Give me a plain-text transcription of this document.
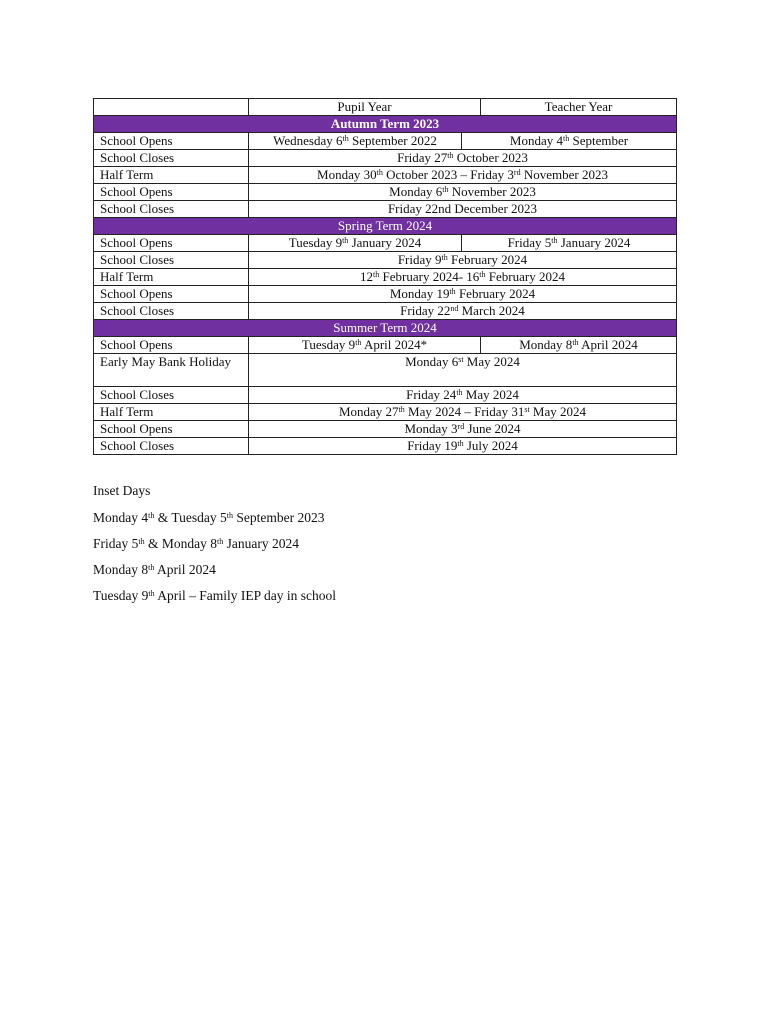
	Pupil Year		Teacher Year
Autumn Term 2023			
School Opens	Wednesday 6th September 2022	Monday 4th September	
School Closes	Friday 27th October 2023		
Half Term	Monday 30th October 2023 – Friday 3rd November 2023		
School Opens	Monday 6th November 2023		
School Closes	Friday 22nd December 2023		
Spring Term 2024			
School Opens	Tuesday 9th January 2024	Friday 5th January 2024	
School Closes	Friday 9th February 2024		
Half Term	12th February 2024- 16th February 2024		
School Opens	Monday 19th February 2024		
School Closes	Friday 22nd March 2024		
Summer Term 2024			
School Opens	Tuesday 9th April 2024*		Monday 8th April 2024
Early May Bank Holiday	Monday 6st May 2024		
School Closes	Friday 24th May 2024		
Half Term	Monday 27th May 2024 – Friday 31st May 2024		
School Opens	Monday 3rd June 2024		
School Closes	Friday 19th July 2024		
Inset Days
Monday 4th & Tuesday 5th September 2023
Friday 5th & Monday 8th January 2024
Monday 8th April 2024
Tuesday 9th April – Family IEP day in school
